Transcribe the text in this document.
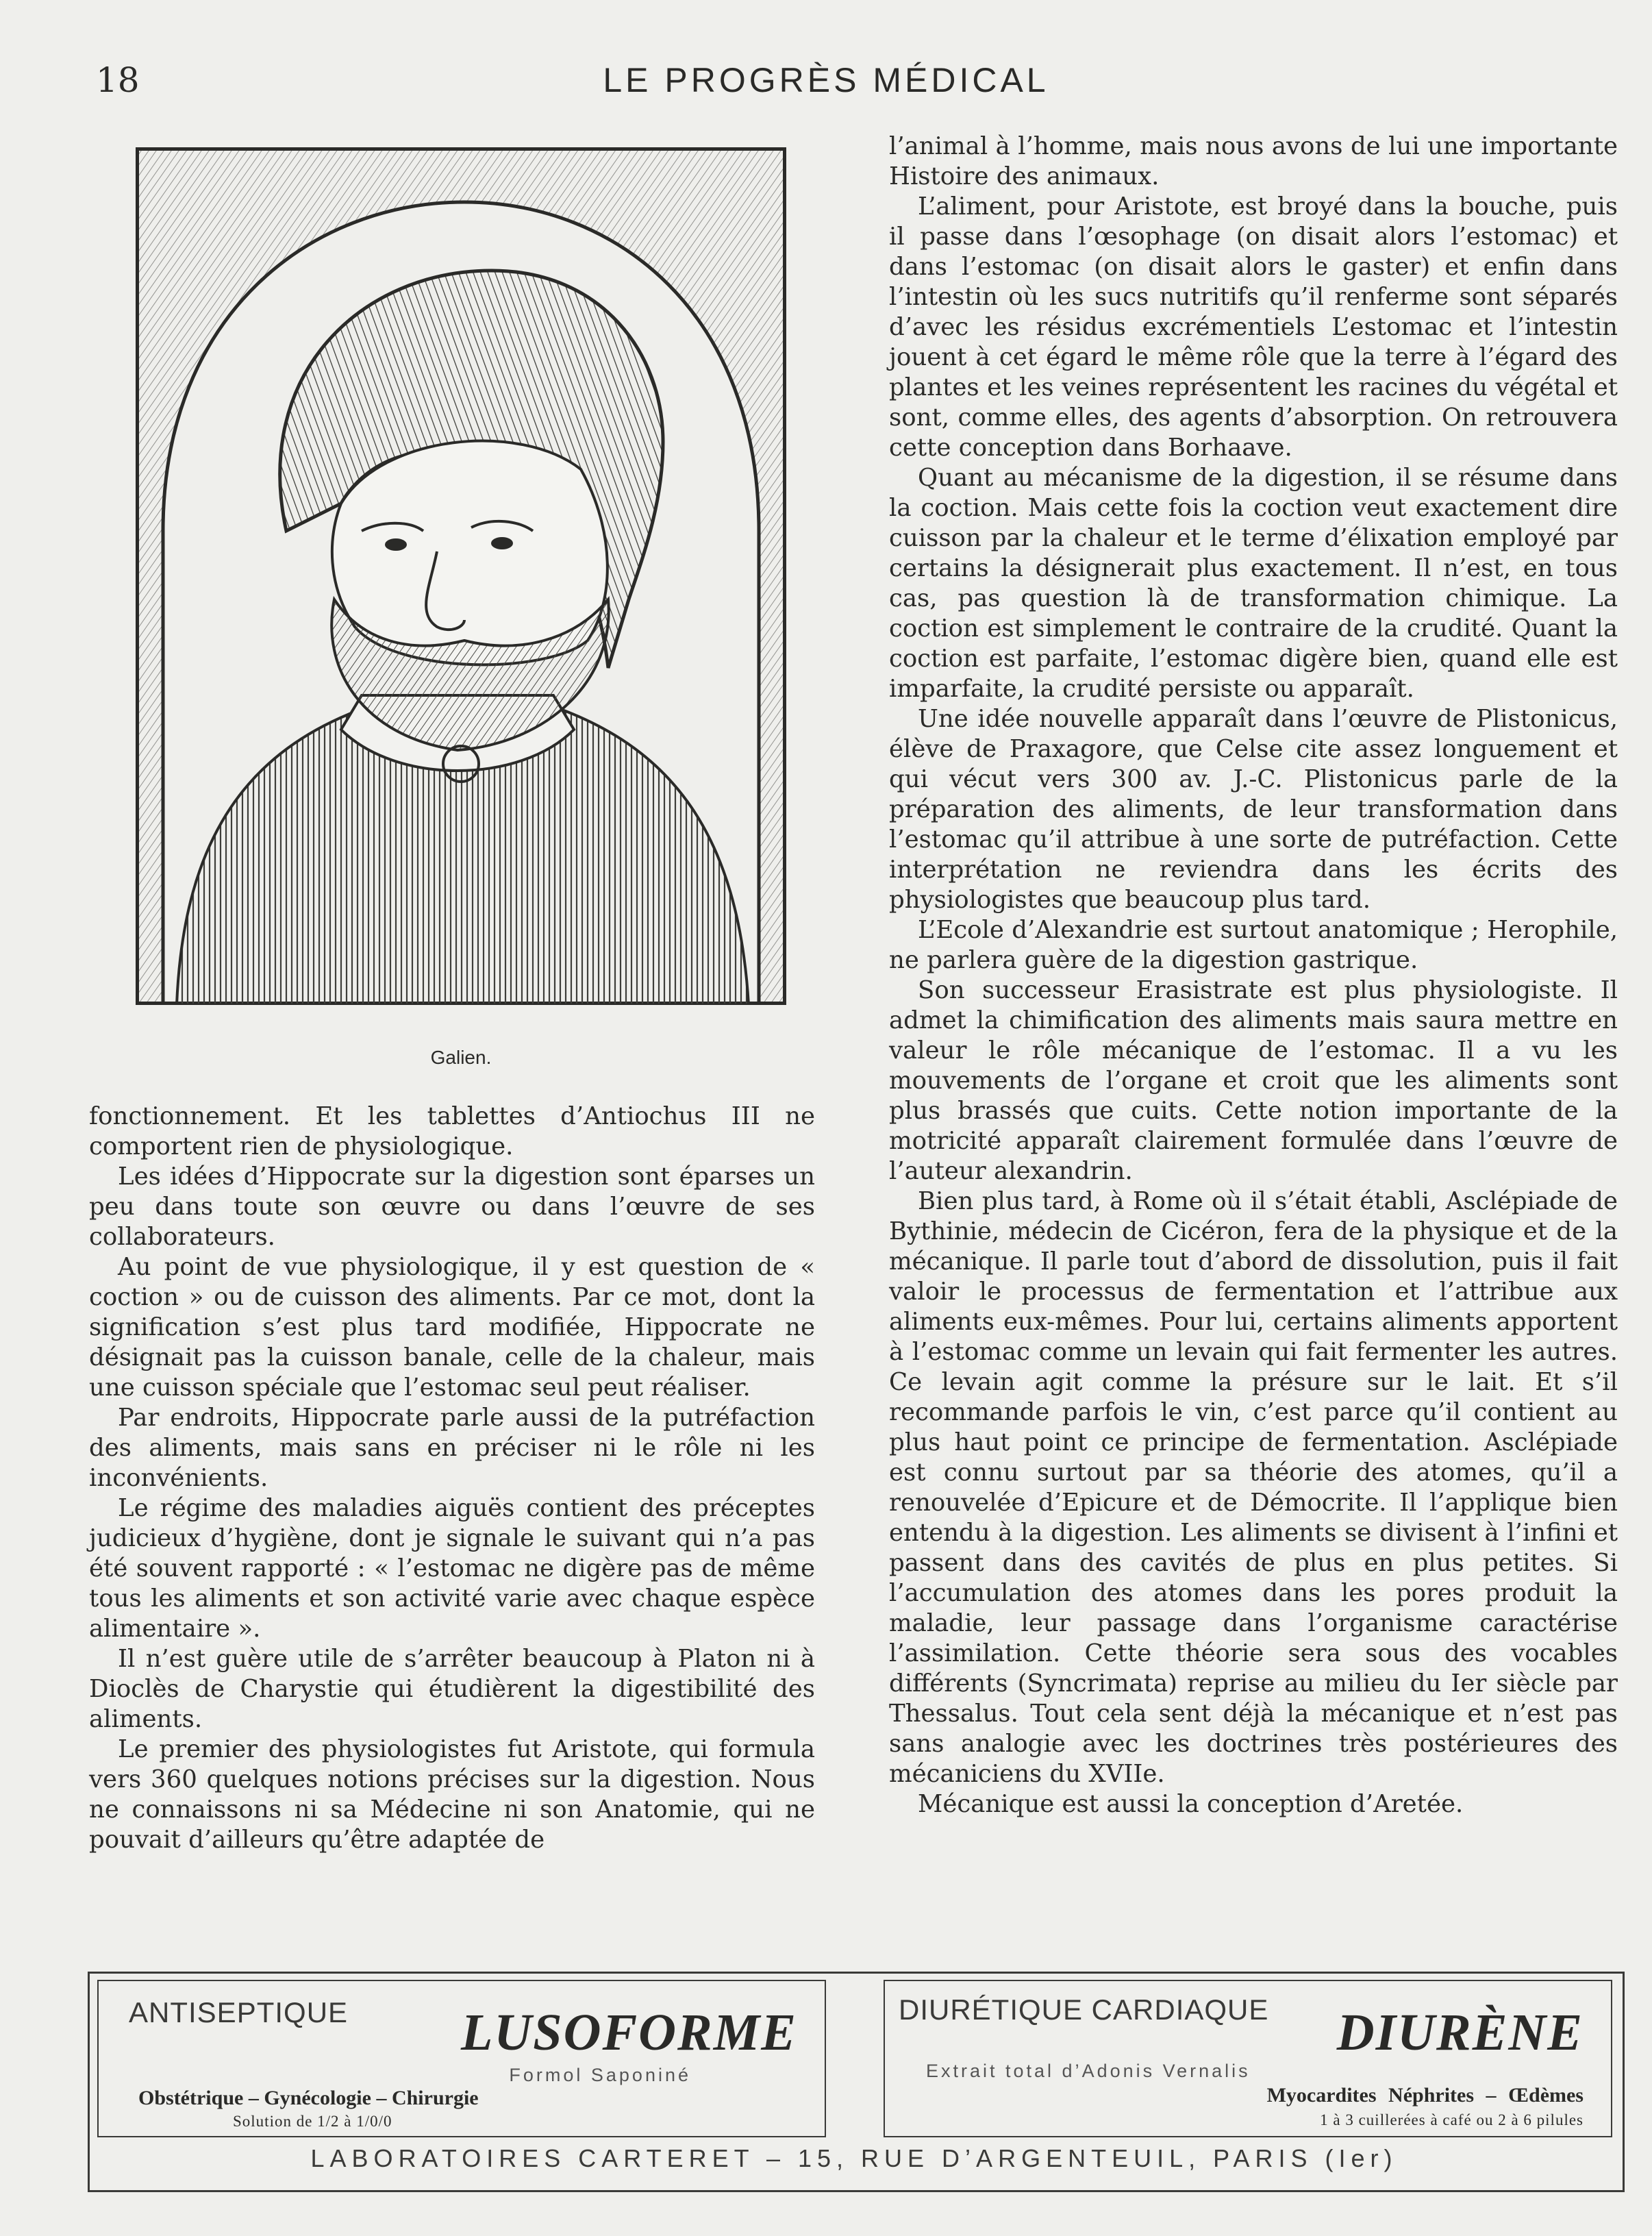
18	LE PROGRÈS MÉDICAL
Galien.

fonctionnement. Et les tablettes d’Antiochus III ne comportent rien de physiologique.

Les idées d’Hippocrate sur la digestion sont éparses un peu dans toute son œuvre ou dans l’œuvre de ses collaborateurs.

Au point de vue physiologique, il y est question de « coction » ou de cuisson des aliments. Par ce mot, dont la signification s’est plus tard modifiée, Hippocrate ne désignait pas la cuisson banale, celle de la chaleur, mais une cuisson spéciale que l’estomac seul peut réaliser.

Par endroits, Hippocrate parle aussi de la putréfaction des aliments, mais sans en préciser ni le rôle ni les inconvénients.

Le régime des maladies aiguës contient des préceptes judicieux d’hygiène, dont je signale le suivant qui n’a pas été souvent rapporté : « l’estomac ne digère pas de même tous les aliments et son activité varie avec chaque espèce alimentaire ».

Il n’est guère utile de s’arrêter beaucoup à Platon ni à Dioclès de Charystie qui étudièrent la digestibilité des aliments.

Le premier des physiologistes fut Aristote, qui formula vers 360 quelques notions précises sur la digestion. Nous ne connaissons ni sa Médecine ni son Anatomie, qui ne pouvait d’ailleurs qu’être adaptée de

l’animal à l’homme, mais nous avons de lui une importante Histoire des animaux.

L’aliment, pour Aristote, est broyé dans la bouche, puis il passe dans l’œsophage (on disait alors l’estomac) et dans l’estomac (on disait alors le gaster) et enfin dans l’intestin où les sucs nutritifs qu’il renferme sont séparés d’avec les résidus excrémentiels L’estomac et l’intestin jouent à cet égard le même rôle que la terre à l’égard des plantes et les veines représentent les racines du végétal et sont, comme elles, des agents d’absorption. On retrouvera cette conception dans Borhaave.

Quant au mécanisme de la digestion, il se résume dans la coction. Mais cette fois la coction veut exactement dire cuisson par la chaleur et le terme d’élixation employé par certains la désignerait plus exactement. Il n’est, en tous cas, pas question là de transformation chimique. La coction est simplement le contraire de la crudité. Quant la coction est parfaite, l’estomac digère bien, quand elle est imparfaite, la crudité persiste ou apparaît.

Une idée nouvelle apparaît dans l’œuvre de Plistonicus, élève de Praxagore, que Celse cite assez longuement et qui vécut vers 300 av. J.-C. Plistonicus parle de la préparation des aliments, de leur transformation dans l’estomac qu’il attribue à une sorte de putréfaction. Cette interprétation ne reviendra dans les écrits des physiologistes que beaucoup plus tard.

L’Ecole d’Alexandrie est surtout anatomique ; Herophile, ne parlera guère de la digestion gastrique.

Son successeur Erasistrate est plus physiologiste. Il admet la chimification des aliments mais saura mettre en valeur le rôle mécanique de l’estomac. Il a vu les mouvements de l’organe et croit que les aliments sont plus brassés que cuits. Cette notion importante de la motricité apparaît clairement formulée dans l’œuvre de l’auteur alexandrin.

Bien plus tard, à Rome où il s’était établi, Asclépiade de Bythinie, médecin de Cicéron, fera de la physique et de la mécanique. Il parle tout d’abord de dissolution, puis il fait valoir le processus de fermentation et l’attribue aux aliments eux-mêmes. Pour lui, certains aliments apportent à l’estomac comme un levain qui fait fermenter les autres. Ce levain agit comme la présure sur le lait. Et s’il recommande parfois le vin, c’est parce qu’il contient au plus haut point ce principe de fermentation. Asclépiade est connu surtout par sa théorie des atomes, qu’il a renouvelée d’Epicure et de Démocrite. Il l’applique bien entendu à la digestion. Les aliments se divisent à l’infini et passent dans des cavités de plus en plus petites. Si l’accumulation des atomes dans les pores produit la maladie, leur passage dans l’organisme caractérise l’assimilation. Cette théorie sera sous des vocables différents (Syncrimata) reprise au milieu du Ier siècle par Thessalus. Tout cela sent déjà la mécanique et n’est pas sans analogie avec les doctrines très postérieures des mécaniciens du XVIIe.

Mécanique est aussi la conception d’Aretée.

ANTISEPTIQUE LUSOFORME
Formol Saponiné
Obstétrique – Gynécologie – Chirurgie
Solution de 1/2 à 1/0/0
DIURÉTIQUE CARDIAQUE DIURÈNE
Extrait total d’Adonis Vernalis
Myocardites Néphrites – Œdèmes
1 à 3 cuillerées à café ou 2 à 6 pilules
LABORATOIRES CARTERET – 15, RUE D’ARGENTEUIL, PARIS (Ier)
